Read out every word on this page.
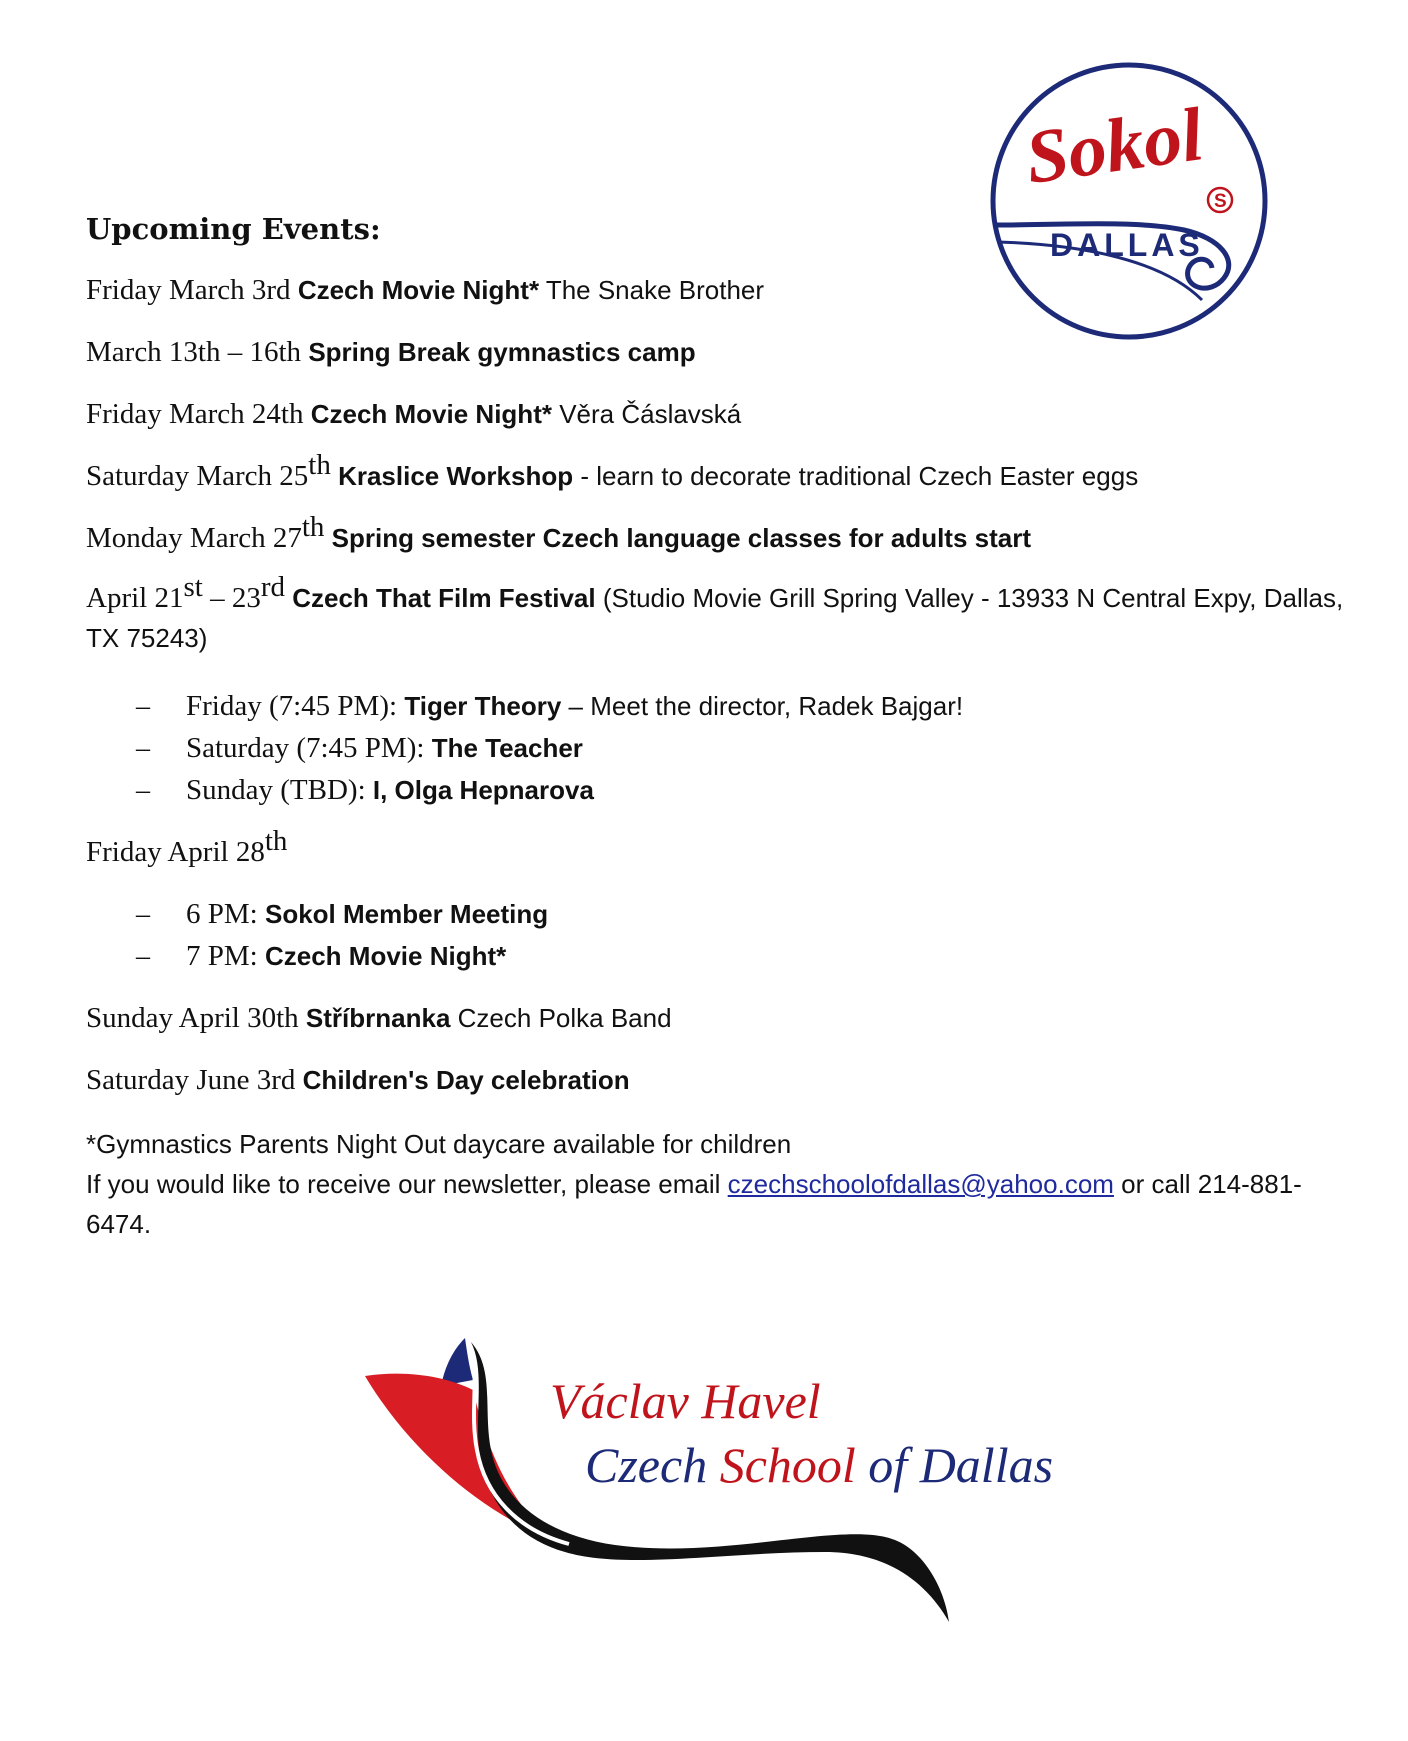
Sokol
DALLAS
S
Upcoming Events:
Friday March 3rd Czech Movie Night* The Snake Brother
March 13th – 16th Spring Break gymnastics camp
Friday March 24th Czech Movie Night* Věra Čáslavská
Saturday March 25th Kraslice Workshop - learn to decorate traditional Czech Easter eggs
Monday March 27th Spring semester Czech language classes for adults start
April 21st – 23rd Czech That Film Festival (Studio Movie Grill Spring Valley - 13933 N Central Expy, Dallas, TX 75243)
– Friday (7:45 PM): Tiger Theory – Meet the director, Radek Bajgar!
– Saturday (7:45 PM): The Teacher
– Sunday (TBD): I, Olga Hepnarova
Friday April 28th
– 6 PM: Sokol Member Meeting
– 7 PM: Czech Movie Night*
Sunday April 30th Stříbrnanka Czech Polka Band
Saturday June 3rd Children's Day celebration
*Gymnastics Parents Night Out daycare available for children
If you would like to receive our newsletter, please email czechschoolofdallas@yahoo.com or call 214-881-6474.
Václav Havel
Czech School of Dallas
